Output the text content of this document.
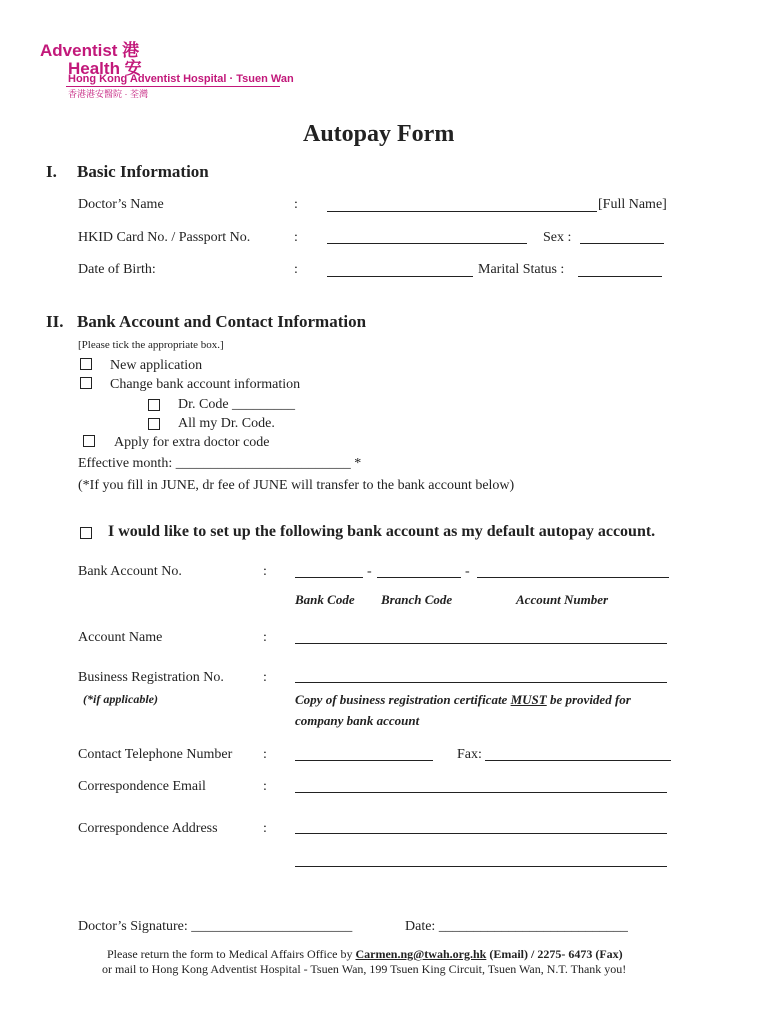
Adventist 港
Health 安
Hong Kong Adventist Hospital · Tsuen Wan
香港港安醫院 · 荃灣
Autopay Form
I. Basic Information
Doctor’s Name	:	[Full Name]
HKID Card No. / Passport No.	:	Sex :
Date of Birth:	:	Marital Status :
II. Bank Account and Contact Information
[Please tick the appropriate box.]
New application
Change bank account information
Dr. Code _________
All my Dr. Code.
Apply for extra doctor code
Effective month: _________________________ *
(*If you fill in JUNE, dr fee of JUNE will transfer to the bank account below)
I would like to set up the following bank account as my default autopay account.
Bank Account No.	:	-	-
Bank Code Branch Code	Account Number
Account Name	:
Business Registration No.	:
(*if applicable)	Copy of business registration certificate MUST be provided for
company bank account
Contact Telephone Number :	Fax:
Correspondence Email	:
Correspondence Address	:
Doctor’s Signature: _______________________	Date: ___________________________
Please return the form to Medical Affairs Office by Carmen.ng@twah.org.hk (Email) / 2275- 6473 (Fax)
or mail to Hong Kong Adventist Hospital - Tsuen Wan, 199 Tsuen King Circuit, Tsuen Wan, N.T. Thank you!
